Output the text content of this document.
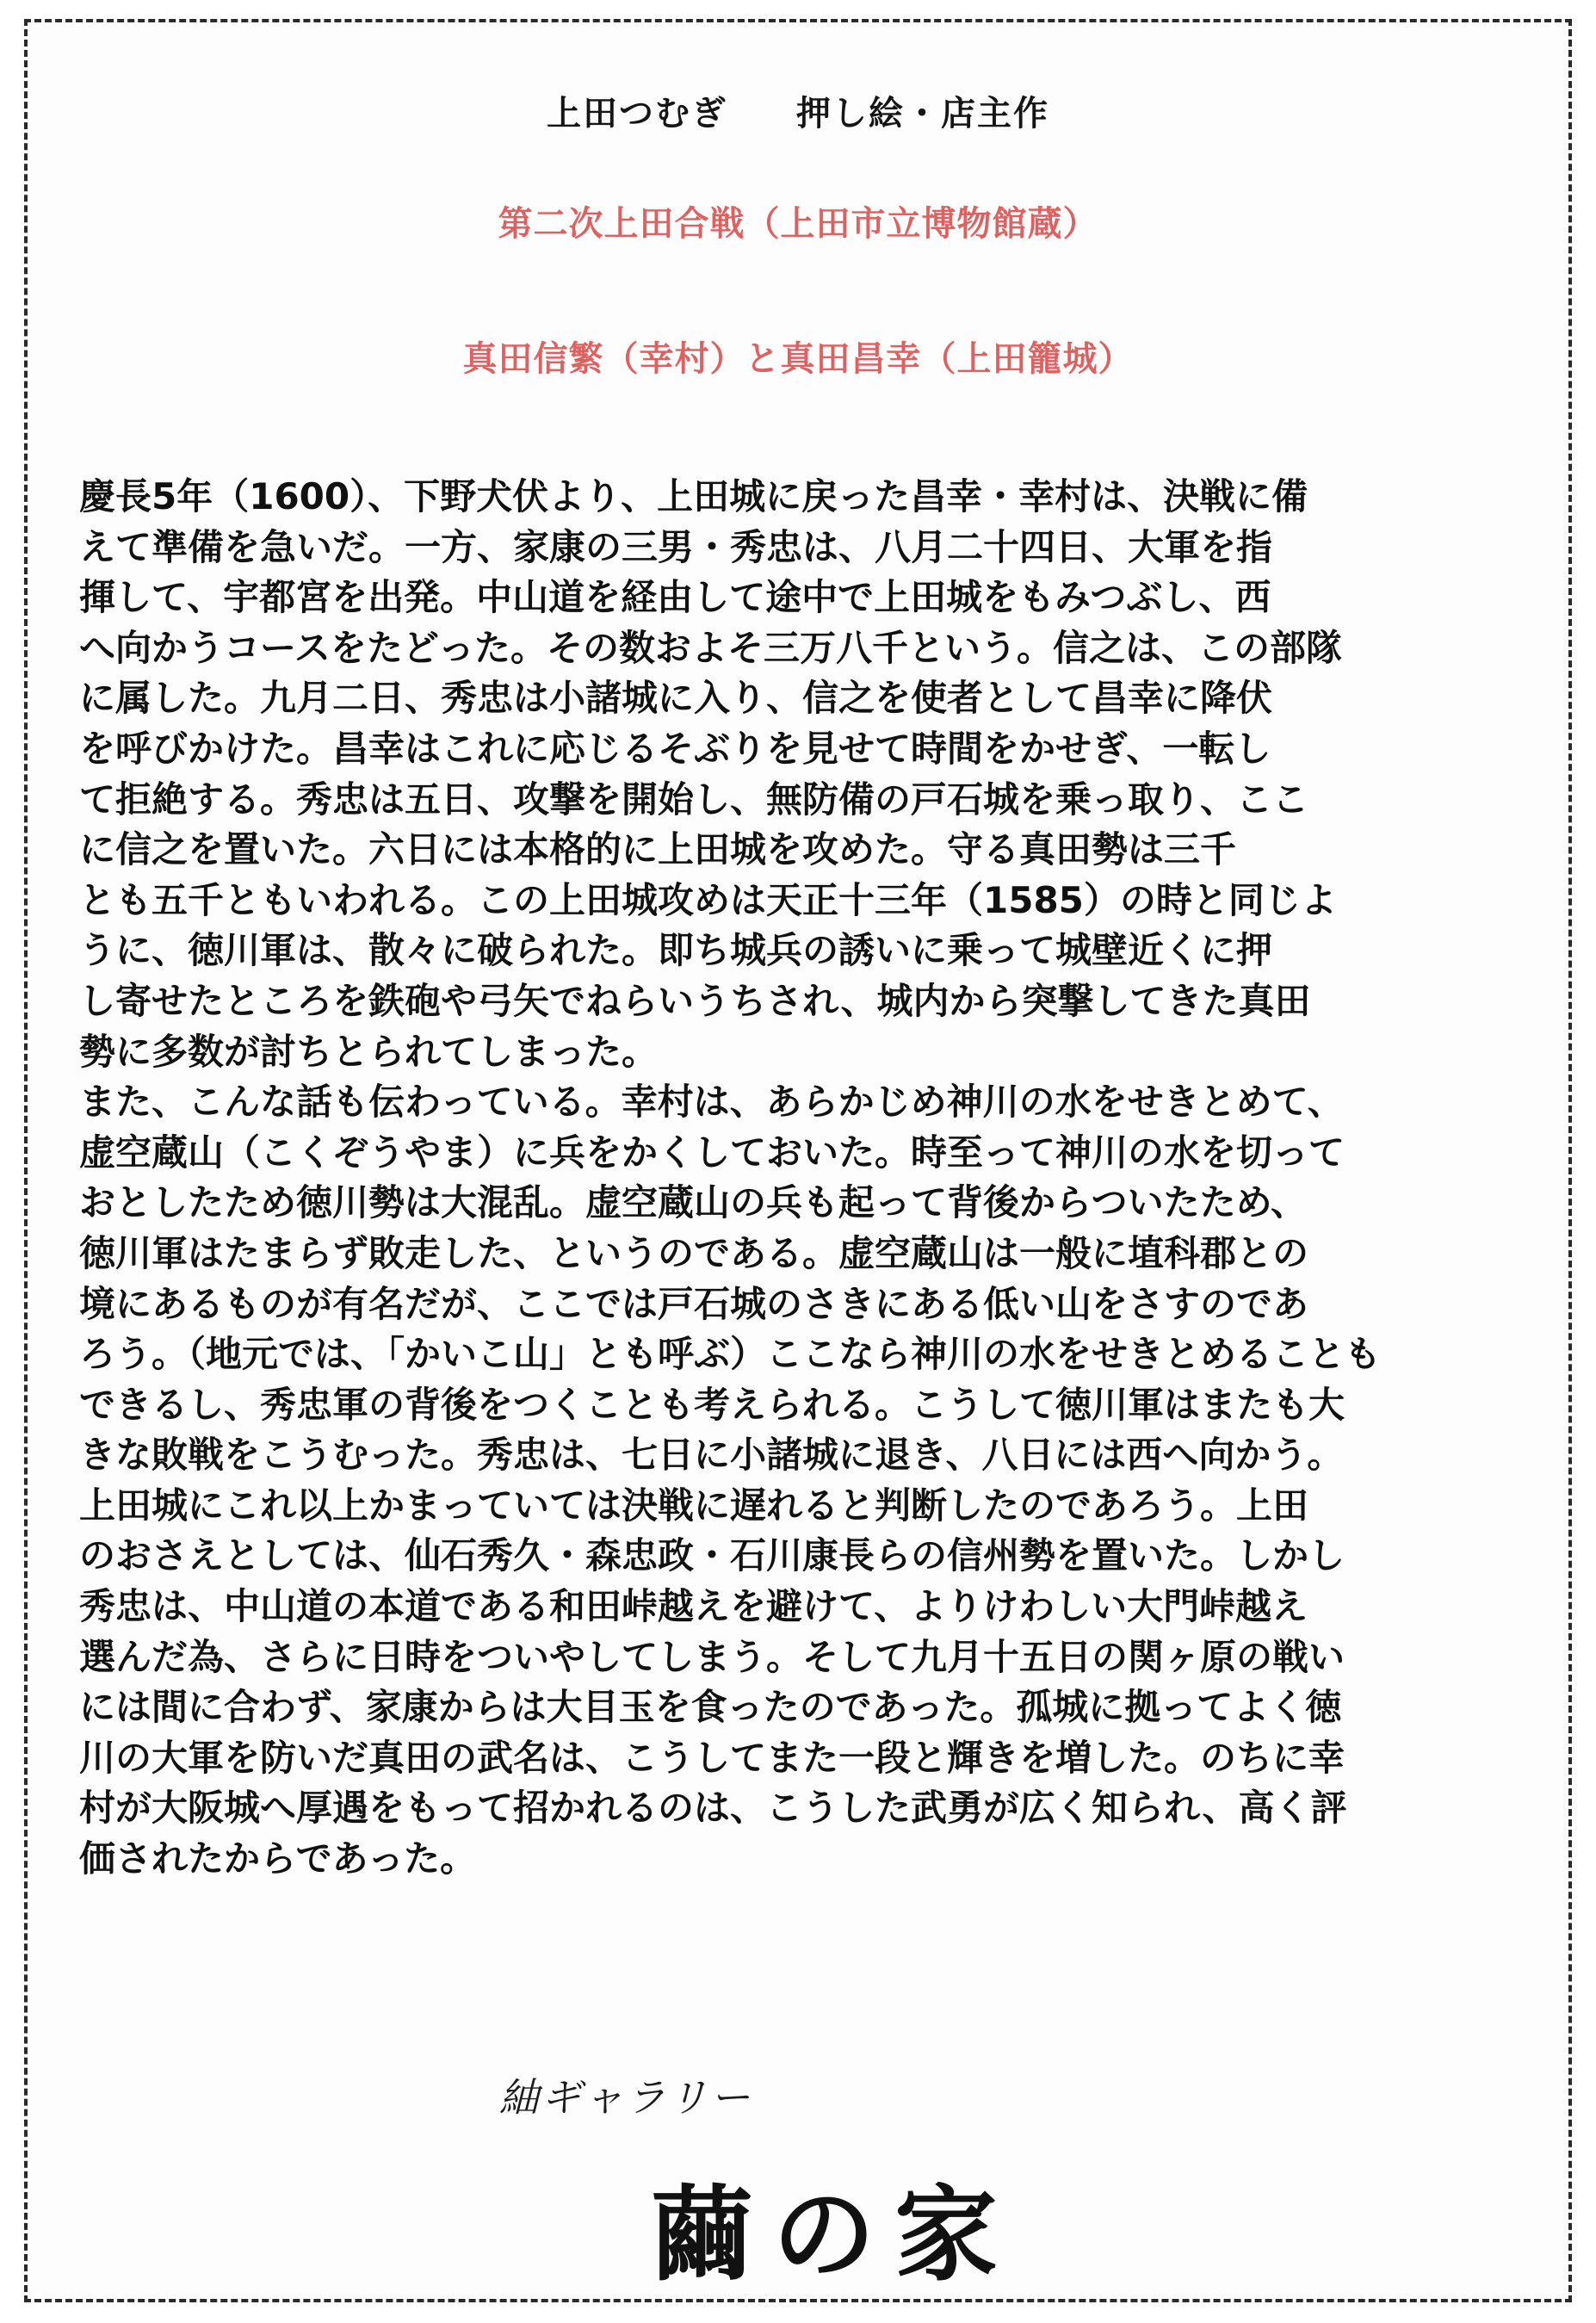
上田つむぎ 押し絵・店主作
第二次上田合戦（上田市立博物館蔵）
真田信繁（幸村）と真田昌幸（上田籠城）
慶長5年（1600）、下野犬伏より、上田城に戻った昌幸・幸村は、決戦に備
えて準備を急いだ。一方、家康の三男・秀忠は、八月二十四日、大軍を指
揮して、宇都宮を出発。中山道を経由して途中で上田城をもみつぶし、西
へ向かうコースをたどった。その数およそ三万八千という。信之は、この部隊
に属した。九月二日、秀忠は小諸城に入り、信之を使者として昌幸に降伏
を呼びかけた。昌幸はこれに応じるそぶりを見せて時間をかせぎ、一転し
て拒絶する。秀忠は五日、攻撃を開始し、無防備の戸石城を乗っ取り、ここ
に信之を置いた。六日には本格的に上田城を攻めた。守る真田勢は三千
とも五千ともいわれる。この上田城攻めは天正十三年（1585）の時と同じよ
うに、徳川軍は、散々に破られた。即ち城兵の誘いに乗って城壁近くに押
し寄せたところを鉄砲や弓矢でねらいうちされ、城内から突撃してきた真田
勢に多数が討ちとられてしまった。
また、こんな話も伝わっている。幸村は、あらかじめ神川の水をせきとめて、
虚空蔵山（こくぞうやま）に兵をかくしておいた。時至って神川の水を切って
おとしたため徳川勢は大混乱。虚空蔵山の兵も起って背後からついたため、
徳川軍はたまらず敗走した、というのである。虚空蔵山は一般に埴科郡との
境にあるものが有名だが、ここでは戸石城のさきにある低い山をさすのであ
ろう。（地元では、「かいこ山」とも呼ぶ）ここなら神川の水をせきとめることも
できるし、秀忠軍の背後をつくことも考えられる。こうして徳川軍はまたも大
きな敗戦をこうむった。秀忠は、七日に小諸城に退き、八日には西へ向かう。
上田城にこれ以上かまっていては決戦に遅れると判断したのであろう。上田
のおさえとしては、仙石秀久・森忠政・石川康長らの信州勢を置いた。しかし
秀忠は、中山道の本道である和田峠越えを避けて、よりけわしい大門峠越え
選んだ為、さらに日時をついやしてしまう。そして九月十五日の関ヶ原の戦い
には間に合わず、家康からは大目玉を食ったのであった。孤城に拠ってよく徳
川の大軍を防いだ真田の武名は、こうしてまた一段と輝きを増した。のちに幸
村が大阪城へ厚遇をもって招かれるのは、こうした武勇が広く知られ、高く評
価されたからであった。
紬ギャラリー
繭の家
